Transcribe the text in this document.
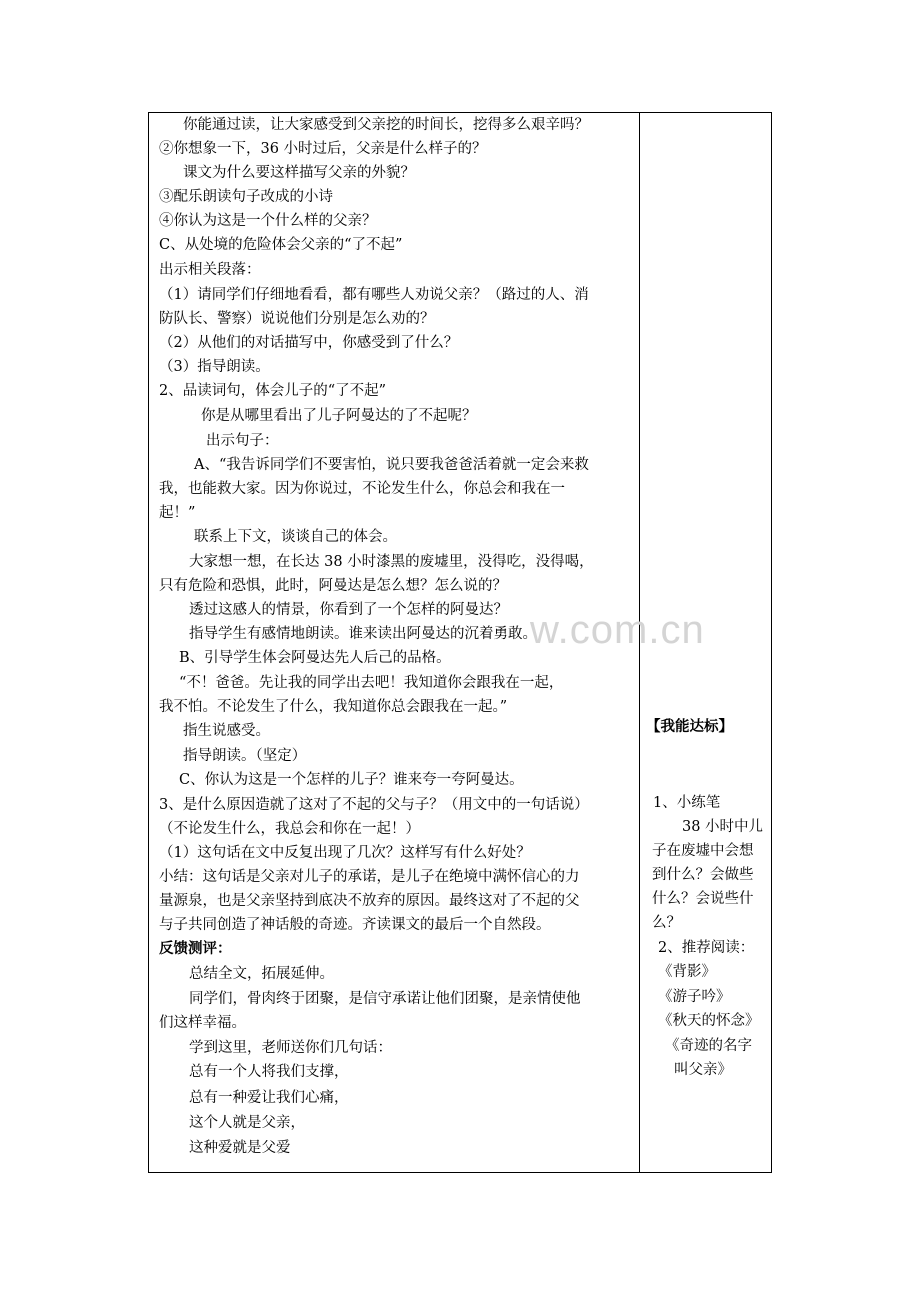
你能通过读，让大家感受到父亲挖的时间长，挖得多么艰辛吗？
②你想象一下，36 小时过后，父亲是什么样子的？
课文为什么要这样描写父亲的外貌？
③配乐朗读句子改成的小诗
④你认为这是一个什么样的父亲？
C、从处境的危险体会父亲的“了不起”
出示相关段落：
（1）请同学们仔细地看看，都有哪些人劝说父亲？（路过的人、消
防队长、警察）说说他们分别是怎么劝的？
（2）从他们的对话描写中，你感受到了什么？
（3）指导朗读。
2、品读词句，体会儿子的“了不起”
你是从哪里看出了儿子阿曼达的了不起呢？
出示句子：
A、“我告诉同学们不要害怕，说只要我爸爸活着就一定会来救
我，也能救大家。因为你说过，不论发生什么，你总会和我在一
起！”
联系上下文，谈谈自己的体会。
大家想一想，在长达 38 小时漆黑的废墟里，没得吃，没得喝，
只有危险和恐惧，此时，阿曼达是怎么想？怎么说的？
透过这感人的情景，你看到了一个怎样的阿曼达？
指导学生有感情地朗读。谁来读出阿曼达的沉着勇敢。
B、引导学生体会阿曼达先人后己的品格。
“不！爸爸。先让我的同学出去吧！我知道你会跟我在一起，
我不怕。不论发生了什么，我知道你总会跟我在一起。”
指生说感受。
指导朗读。（坚定）
C、你认为这是一个怎样的儿子？谁来夸一夸阿曼达。
3、是什么原因造就了这对了不起的父与子？（用文中的一句话说）
（不论发生什么，我总会和你在一起！）
（1）这句话在文中反复出现了几次？这样写有什么好处？
小结：这句话是父亲对儿子的承诺，是儿子在绝境中满怀信心的力
量源泉，也是父亲坚持到底决不放弃的原因。最终这对了不起的父
与子共同创造了神话般的奇迹。齐读课文的最后一个自然段。
反馈测评：
总结全文，拓展延伸。
同学们，骨肉终于团聚，是信守承诺让他们团聚，是亲情使他
们这样幸福。
学到这里，老师送你们几句话：
总有一个人将我们支撑，
总有一种爱让我们心痛，
这个人就是父亲，
这种爱就是父爱
【我能达标】
1、小练笔
38 小时中儿
子在废墟中会想
到什么？会做些
什么？会说些什
么？
2、推荐阅读：
《背影》
《游子吟》
《秋天的怀念》
《奇迹的名字
叫父亲》
w.com.cn
